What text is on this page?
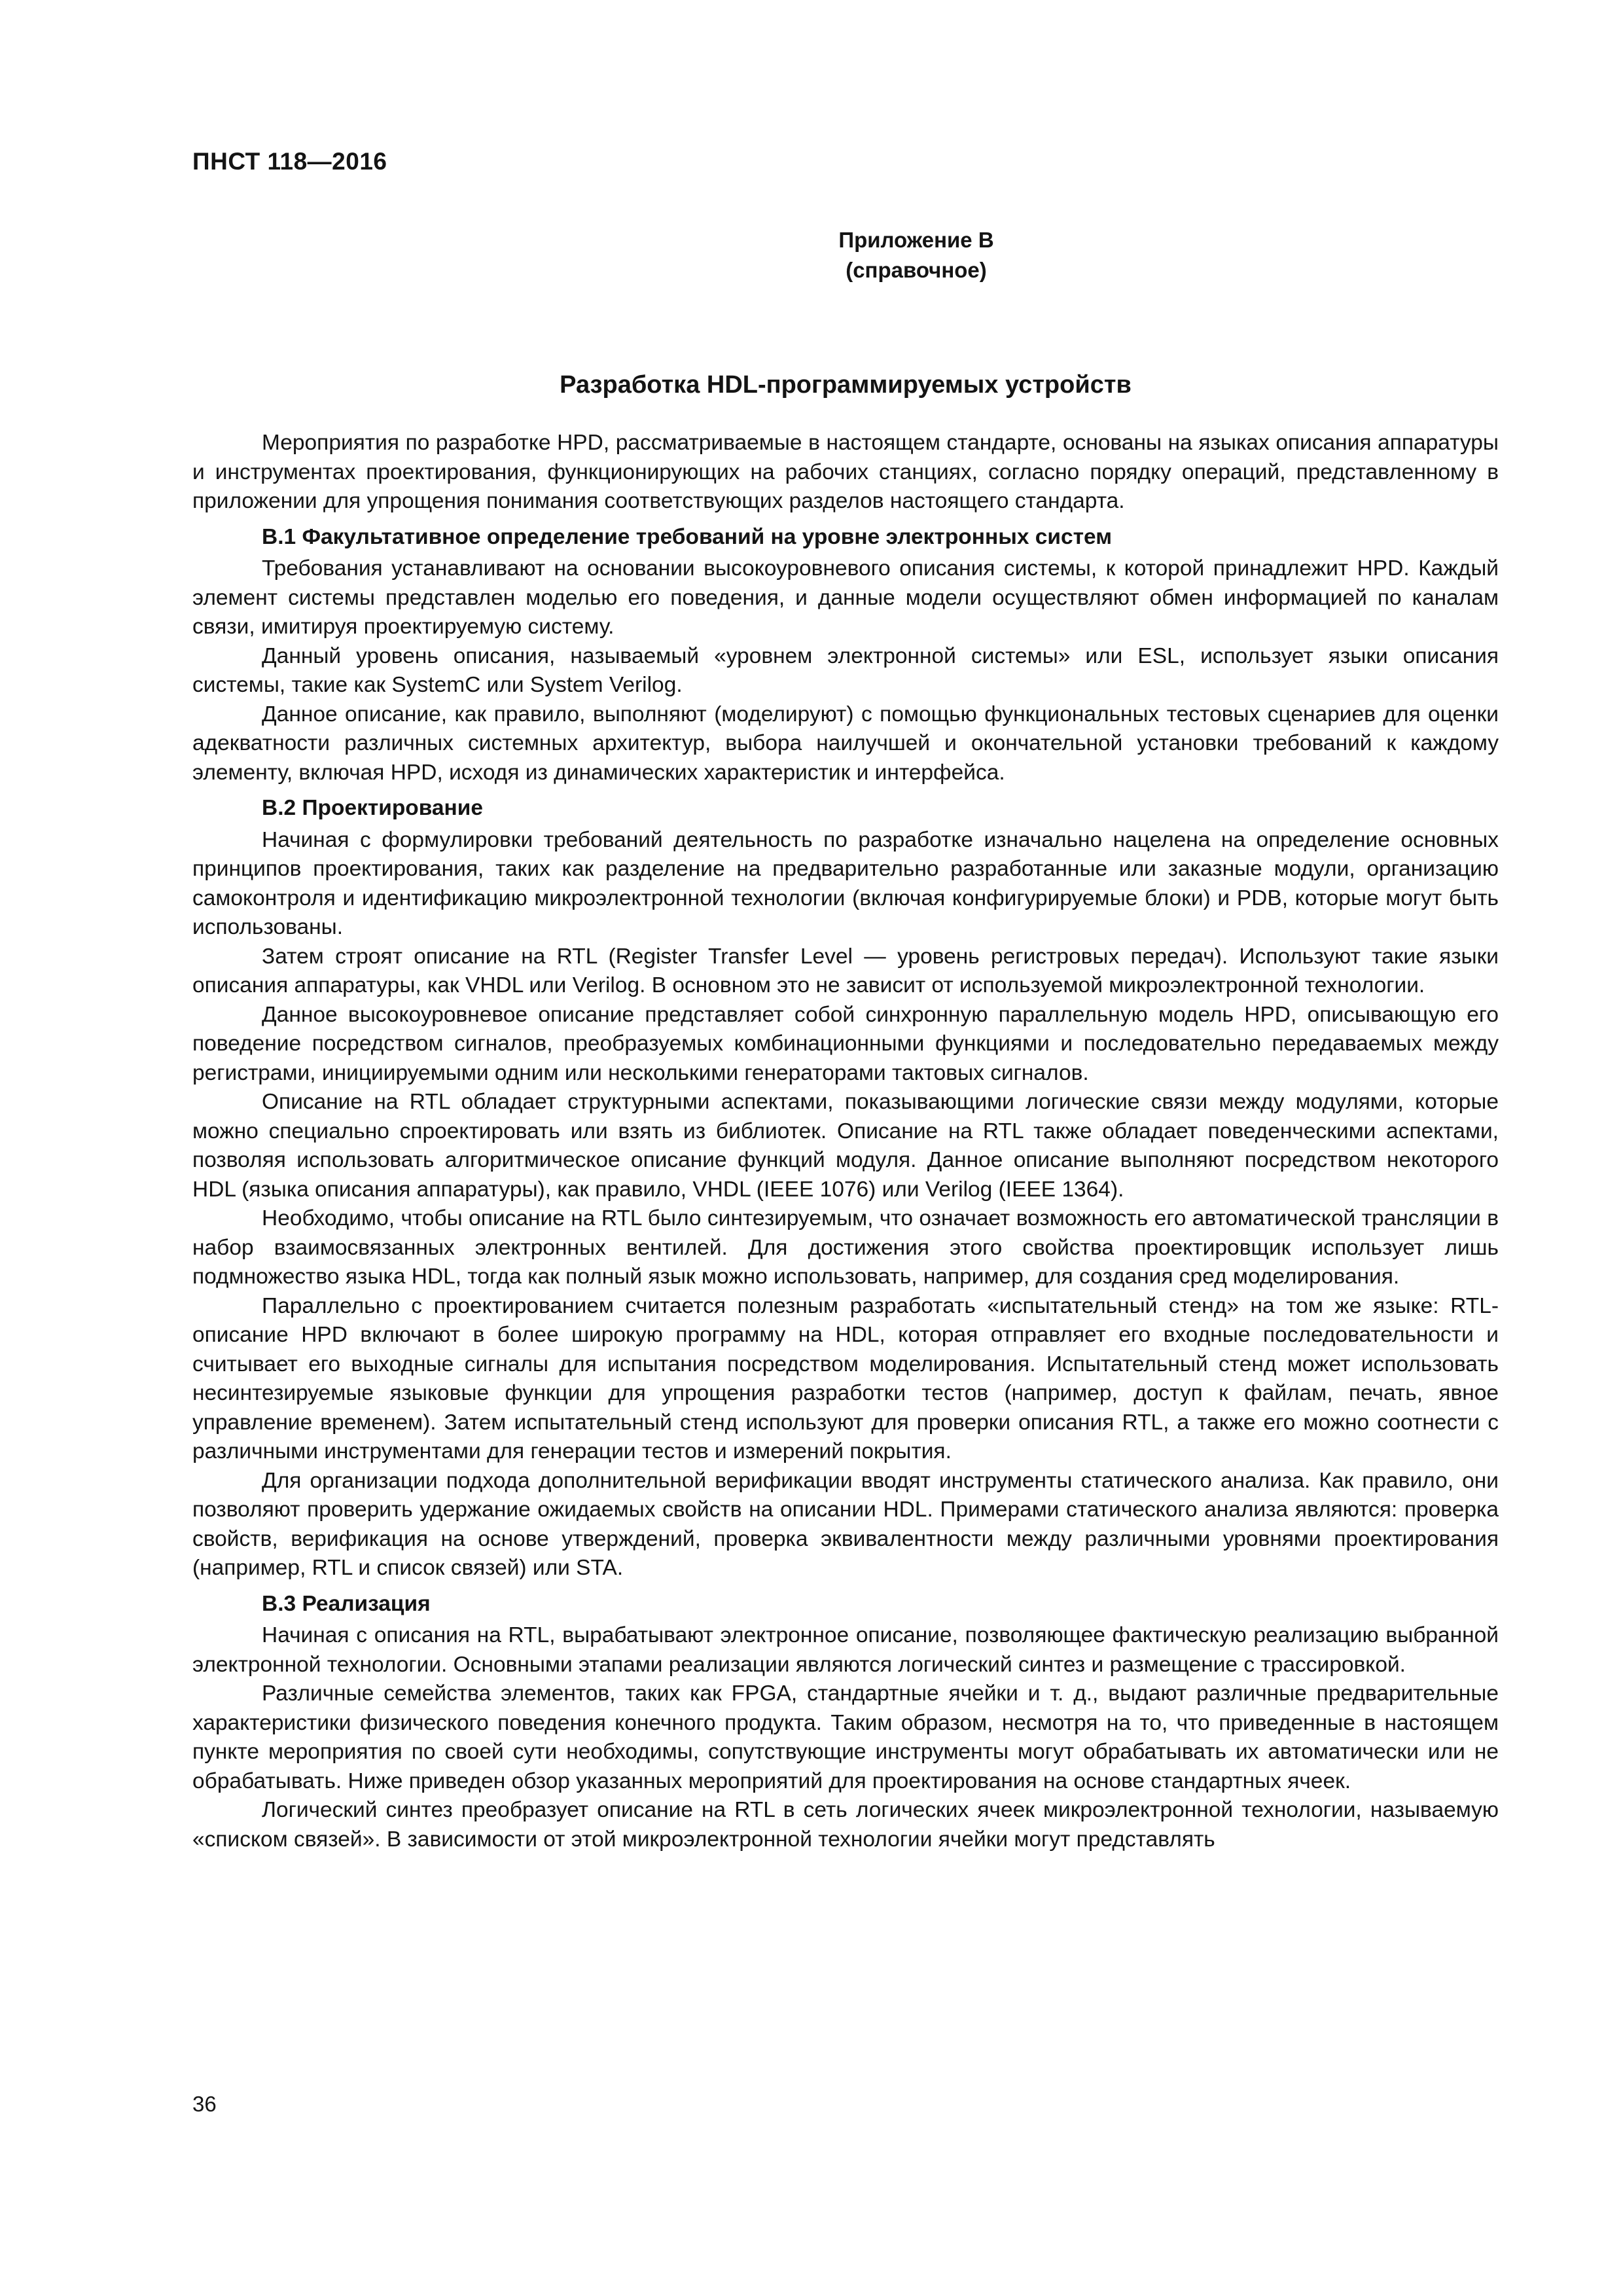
ПНСТ 118—2016
Приложение В
(справочное)
Разработка HDL-программируемых устройств

Мероприятия по разработке HPD, рассматриваемые в настоящем стандарте, основаны на языках описания аппаратуры и инструментах проектирования, функционирующих на рабочих станциях, согласно порядку операций, представленному в приложении для упрощения понимания соответствующих разделов настоящего стандарта.

В.1 Факультативное определение требований на уровне электронных систем

Требования устанавливают на основании высокоуровневого описания системы, к которой принадлежит HPD. Каждый элемент системы представлен моделью его поведения, и данные модели осуществляют обмен информацией по каналам связи, имитируя проектируемую систему.

Данный уровень описания, называемый «уровнем электронной системы» или ESL, использует языки описания системы, такие как SystemC или System Verilog.

Данное описание, как правило, выполняют (моделируют) с помощью функциональных тестовых сценариев для оценки адекватности различных системных архитектур, выбора наилучшей и окончательной установки требований к каждому элементу, включая HPD, исходя из динамических характеристик и интерфейса.

В.2 Проектирование

Начиная с формулировки требований деятельность по разработке изначально нацелена на определение основных принципов проектирования, таких как разделение на предварительно разработанные или заказные модули, организацию самоконтроля и идентификацию микроэлектронной технологии (включая конфигурируемые блоки) и PDB, которые могут быть использованы.

Затем строят описание на RTL (Register Transfer Level — уровень регистровых передач). Используют такие языки описания аппаратуры, как VHDL или Verilog. В основном это не зависит от используемой микроэлектронной технологии.

Данное высокоуровневое описание представляет собой синхронную параллельную модель HPD, описывающую его поведение посредством сигналов, преобразуемых комбинационными функциями и последовательно передаваемых между регистрами, инициируемыми одним или несколькими генераторами тактовых сигналов.

Описание на RTL обладает структурными аспектами, показывающими логические связи между модулями, которые можно специально спроектировать или взять из библиотек. Описание на RTL также обладает поведенческими аспектами, позволяя использовать алгоритмическое описание функций модуля. Данное описание выполняют посредством некоторого HDL (языка описания аппаратуры), как правило, VHDL (IEEE 1076) или Verilog (IEEE 1364).

Необходимо, чтобы описание на RTL было синтезируемым, что означает возможность его автоматической трансляции в набор взаимосвязанных электронных вентилей. Для достижения этого свойства проектировщик использует лишь подмножество языка HDL, тогда как полный язык можно использовать, например, для создания сред моделирования.

Параллельно с проектированием считается полезным разработать «испытательный стенд» на том же языке: RTL-описание HPD включают в более широкую программу на HDL, которая отправляет его входные последовательности и считывает его выходные сигналы для испытания посредством моделирования. Испытательный стенд может использовать несинтезируемые языковые функции для упрощения разработки тестов (например, доступ к файлам, печать, явное управление временем). Затем испытательный стенд используют для проверки описания RTL, а также его можно соотнести с различными инструментами для генерации тестов и измерений покрытия.

Для организации подхода дополнительной верификации вводят инструменты статического анализа. Как правило, они позволяют проверить удержание ожидаемых свойств на описании HDL. Примерами статического анализа являются: проверка свойств, верификация на основе утверждений, проверка эквивалентности между различными уровнями проектирования (например, RTL и список связей) или STA.

В.3 Реализация

Начиная с описания на RTL, вырабатывают электронное описание, позволяющее фактическую реализацию выбранной электронной технологии. Основными этапами реализации являются логический синтез и размещение с трассировкой.

Различные семейства элементов, таких как FPGA, стандартные ячейки и т. д., выдают различные предварительные характеристики физического поведения конечного продукта. Таким образом, несмотря на то, что приведенные в настоящем пункте мероприятия по своей сути необходимы, сопутствующие инструменты могут обрабатывать их автоматически или не обрабатывать. Ниже приведен обзор указанных мероприятий для проектирования на основе стандартных ячеек.

Логический синтез преобразует описание на RTL в сеть логических ячеек микроэлектронной технологии, называемую «списком связей». В зависимости от этой микроэлектронной технологии ячейки могут представлять

36
